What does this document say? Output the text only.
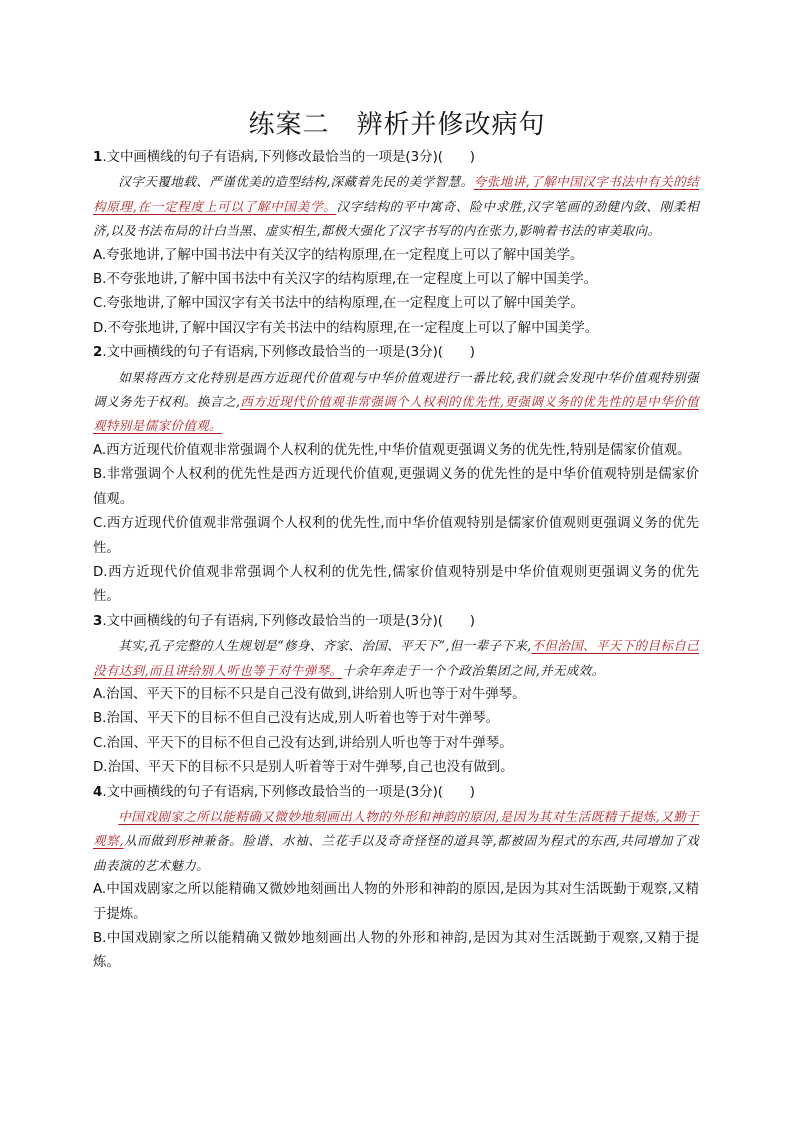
练案二　辨析并修改病句

1.文中画横线的句子有语病,下列修改最恰当的一项是(3分)(　　)

汉字天覆地载、严谨优美的造型结构,深藏着先民的美学智慧。夸张地讲,了解中国汉字书法中有关的结构原理,在一定程度上可以了解中国美学。汉字结构的平中寓奇、险中求胜,汉字笔画的劲健内敛、刚柔相济,以及书法布局的计白当黑、虚实相生,都极大强化了汉字书写的内在张力,影响着书法的审美取向。

A.夸张地讲,了解中国书法中有关汉字的结构原理,在一定程度上可以了解中国美学。

B.不夸张地讲,了解中国书法中有关汉字的结构原理,在一定程度上可以了解中国美学。

C.夸张地讲,了解中国汉字有关书法中的结构原理,在一定程度上可以了解中国美学。

D.不夸张地讲,了解中国汉字有关书法中的结构原理,在一定程度上可以了解中国美学。

2.文中画横线的句子有语病,下列修改最恰当的一项是(3分)(　　)

如果将西方文化特别是西方近现代价值观与中华价值观进行一番比较,我们就会发现中华价值观特别强调义务先于权利。换言之,西方近现代价值观非常强调个人权利的优先性,更强调义务的优先性的是中华价值观特别是儒家价值观。

A.西方近现代价值观非常强调个人权利的优先性,中华价值观更强调义务的优先性,特别是儒家价值观。

B.非常强调个人权利的优先性是西方近现代价值观,更强调义务的优先性的是中华价值观特别是儒家价值观。

C.西方近现代价值观非常强调个人权利的优先性,而中华价值观特别是儒家价值观则更强调义务的优先性。

D.西方近现代价值观非常强调个人权利的优先性,儒家价值观特别是中华价值观则更强调义务的优先性。

3.文中画横线的句子有语病,下列修改最恰当的一项是(3分)(　　)

其实,孔子完整的人生规划是“修身、齐家、治国、平天下”,但一辈子下来,不但治国、平天下的目标自己没有达到,而且讲给别人听也等于对牛弹琴。十余年奔走于一个个政治集团之间,并无成效。

A.治国、平天下的目标不只是自己没有做到,讲给别人听也等于对牛弹琴。

B.治国、平天下的目标不但自己没有达成,别人听着也等于对牛弹琴。

C.治国、平天下的目标不但自己没有达到,讲给别人听也等于对牛弹琴。

D.治国、平天下的目标不只是别人听着等于对牛弹琴,自己也没有做到。

4.文中画横线的句子有语病,下列修改最恰当的一项是(3分)(　　)

中国戏剧家之所以能精确又微妙地刻画出人物的外形和神韵的原因,是因为其对生活既精于提炼,又勤于观察,从而做到形神兼备。脸谱、水袖、兰花手以及奇奇怪怪的道具等,都被固为程式的东西,共同增加了戏曲表演的艺术魅力。

A.中国戏剧家之所以能精确又微妙地刻画出人物的外形和神韵的原因,是因为其对生活既勤于观察,又精于提炼。

B.中国戏剧家之所以能精确又微妙地刻画出人物的外形和神韵,是因为其对生活既勤于观察,又精于提炼。
